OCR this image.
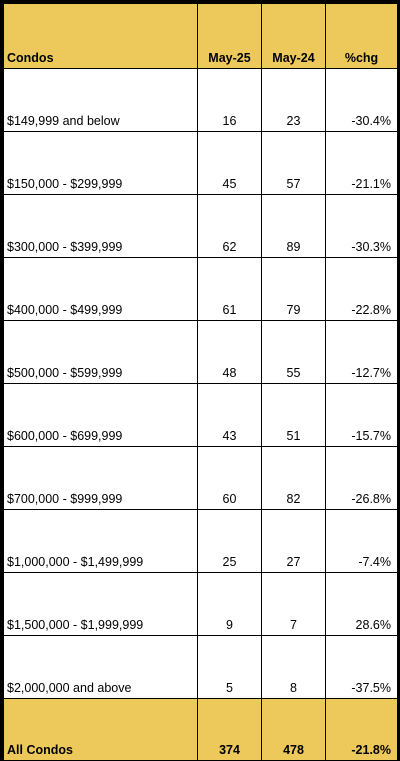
Condos	May-25	May-24	%chg
$149,999 and below	16	23	-30.4%
$150,000 - $299,999	45	57	-21.1%
$300,000 - $399,999	62	89	-30.3%
$400,000 - $499,999	61	79	-22.8%
$500,000 - $599,999	48	55	-12.7%
$600,000 - $699,999	43	51	-15.7%
$700,000 - $999,999	60	82	-26.8%
$1,000,000 - $1,499,999	25	27	-7.4%
$1,500,000 - $1,999,999	9	7	28.6%
$2,000,000 and above	5	8	-37.5%
All Condos	374	478	-21.8%
